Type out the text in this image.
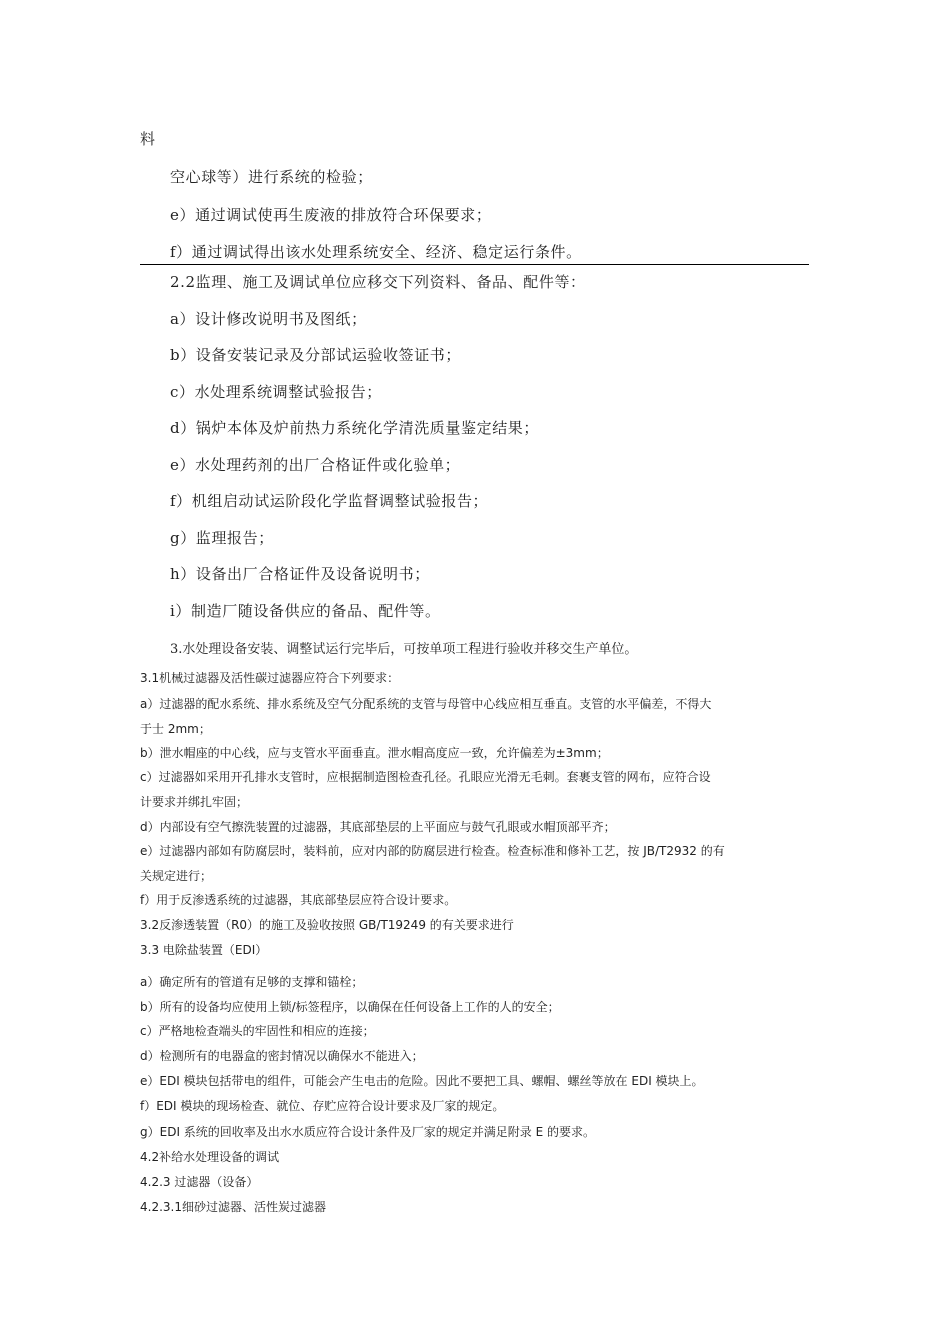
料

空心球等）进行系统的检验；

e）通过调试使再生废液的排放符合环保要求；

f）通过调试得出该水处理系统安全、经济、稳定运行条件。

2.2监理、施工及调试单位应移交下列资料、备品、配件等：

a）设计修改说明书及图纸；

b）设备安装记录及分部试运验收签证书；

c）水处理系统调整试验报告；

d）锅炉本体及炉前热力系统化学清洗质量鉴定结果；

e）水处理药剂的出厂合格证件或化验单；

f）机组启动试运阶段化学监督调整试验报告；

g）监理报告；

h）设备出厂合格证件及设备说明书；

i）制造厂随设备供应的备品、配件等。

3.水处理设备安装、调整试运行完毕后，可按单项工程进行验收并移交生产单位。

3.1机械过滤器及活性碳过滤器应符合下列要求：

a）过滤器的配水系统、排水系统及空气分配系统的支管与母管中心线应相互垂直。支管的水平偏差，不得大

于士 2mm；

b）泄水帽座的中心线，应与支管水平面垂直。泄水帽高度应一致，允许偏差为±3mm；

c）过滤器如采用开孔排水支管时，应根据制造图检查孔径。孔眼应光滑无毛刺。套裹支管的网布，应符合设

计要求并绑扎牢固；

d）内部设有空气擦洗装置的过滤器，其底部垫层的上平面应与鼓气孔眼或水帽顶部平齐；

e）过滤器内部如有防腐层时，装料前，应对内部的防腐层进行检查。检查标准和修补工艺，按 JB/T2932 的有

关规定进行；

f）用于反渗透系统的过滤器，其底部垫层应符合设计要求。

3.2反渗透装置（R0）的施工及验收按照 GB/T19249 的有关要求进行

3.3 电除盐装置（EDI）

a）确定所有的管道有足够的支撑和锚栓；

b）所有的设备均应使用上锁/标签程序，以确保在任何设备上工作的人的安全；

c）严格地检查端头的牢固性和相应的连接；

d）检测所有的电器盒的密封情况以确保水不能进入；

e）EDI 模块包括带电的组件，可能会产生电击的危险。因此不要把工具、螺帽、螺丝等放在 EDI 模块上。

f）EDI 模块的现场检查、就位、存贮应符合设计要求及厂家的规定。

g）EDI 系统的回收率及出水水质应符合设计条件及厂家的规定并满足附录 E 的要求。

4.2补给水处理设备的调试

4.2.3 过滤器（设备）

4.2.3.1细砂过滤器、活性炭过滤器
